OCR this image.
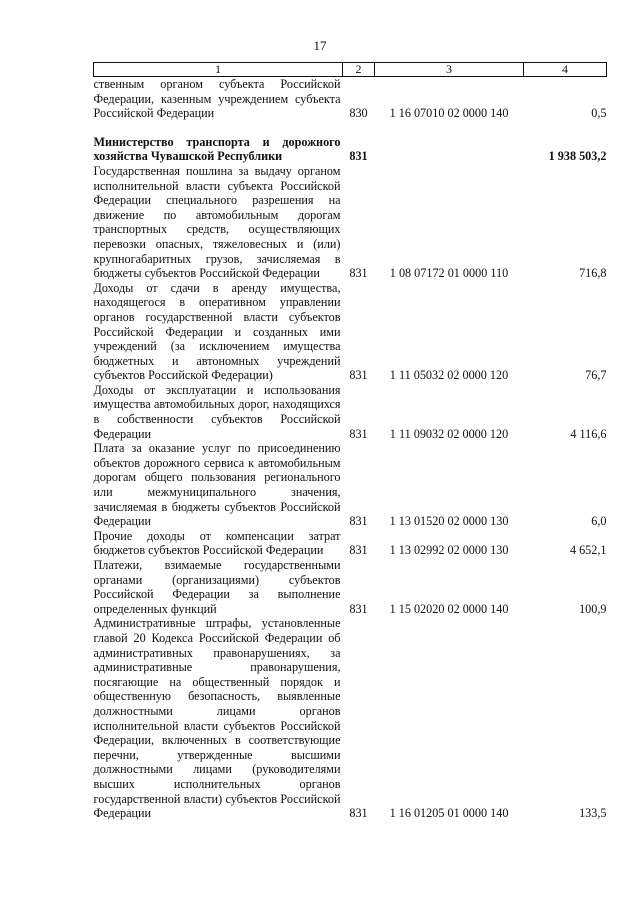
17
1	2	3	4
ственным органом субъекта Российской Федерации, казенным учреждением субъекта Российской Федерации	830	1 16 07010 02 0000 140	0,5
Министерство транспорта и дорожного хозяйства Чувашской Республики	831		1 938 503,2
Государственная пошлина за выдачу органом исполнительной власти субъекта Российской Федерации специального разрешения на движение по автомобильным дорогам транспортных средств, осуществляющих перевозки опасных, тяжеловесных и (или) крупногабаритных грузов, зачисляемая в бюджеты субъектов Российской Федерации	831	1 08 07172 01 0000 110	716,8
Доходы от сдачи в аренду имущества, находящегося в оперативном управлении органов государственной власти субъектов Российской Федерации и созданных ими учреждений (за исключением имущества бюджетных и автономных учреждений субъектов Российской Федерации)	831	1 11 05032 02 0000 120	76,7
Доходы от эксплуатации и использования имущества автомобильных дорог, находящихся в собственности субъектов Российской Федерации	831	1 11 09032 02 0000 120	4 116,6
Плата за оказание услуг по присоединению объектов дорожного сервиса к автомобильным дорогам общего пользования регионального или межмуниципального значения, зачисляемая в бюджеты субъектов Российской Федерации	831	1 13 01520 02 0000 130	6,0
Прочие доходы от компенсации затрат бюджетов субъектов Российской Федерации	831	1 13 02992 02 0000 130	4 652,1
Платежи, взимаемые государственными органами (организациями) субъектов Российской Федерации за выполнение определенных функций	831	1 15 02020 02 0000 140	100,9
Административные штрафы, установленные главой 20 Кодекса Российской Федерации об административных правонарушениях, за административные правонарушения, посягающие на общественный порядок и общественную безопасность, выявленные должностными лицами органов исполнительной власти субъектов Российской Федерации, включенных в соответствующие перечни, утвержденные высшими должностными лицами (руководителями высших исполнительных органов государственной власти) субъектов Российской Федерации	831	1 16 01205 01 0000 140	133,5
